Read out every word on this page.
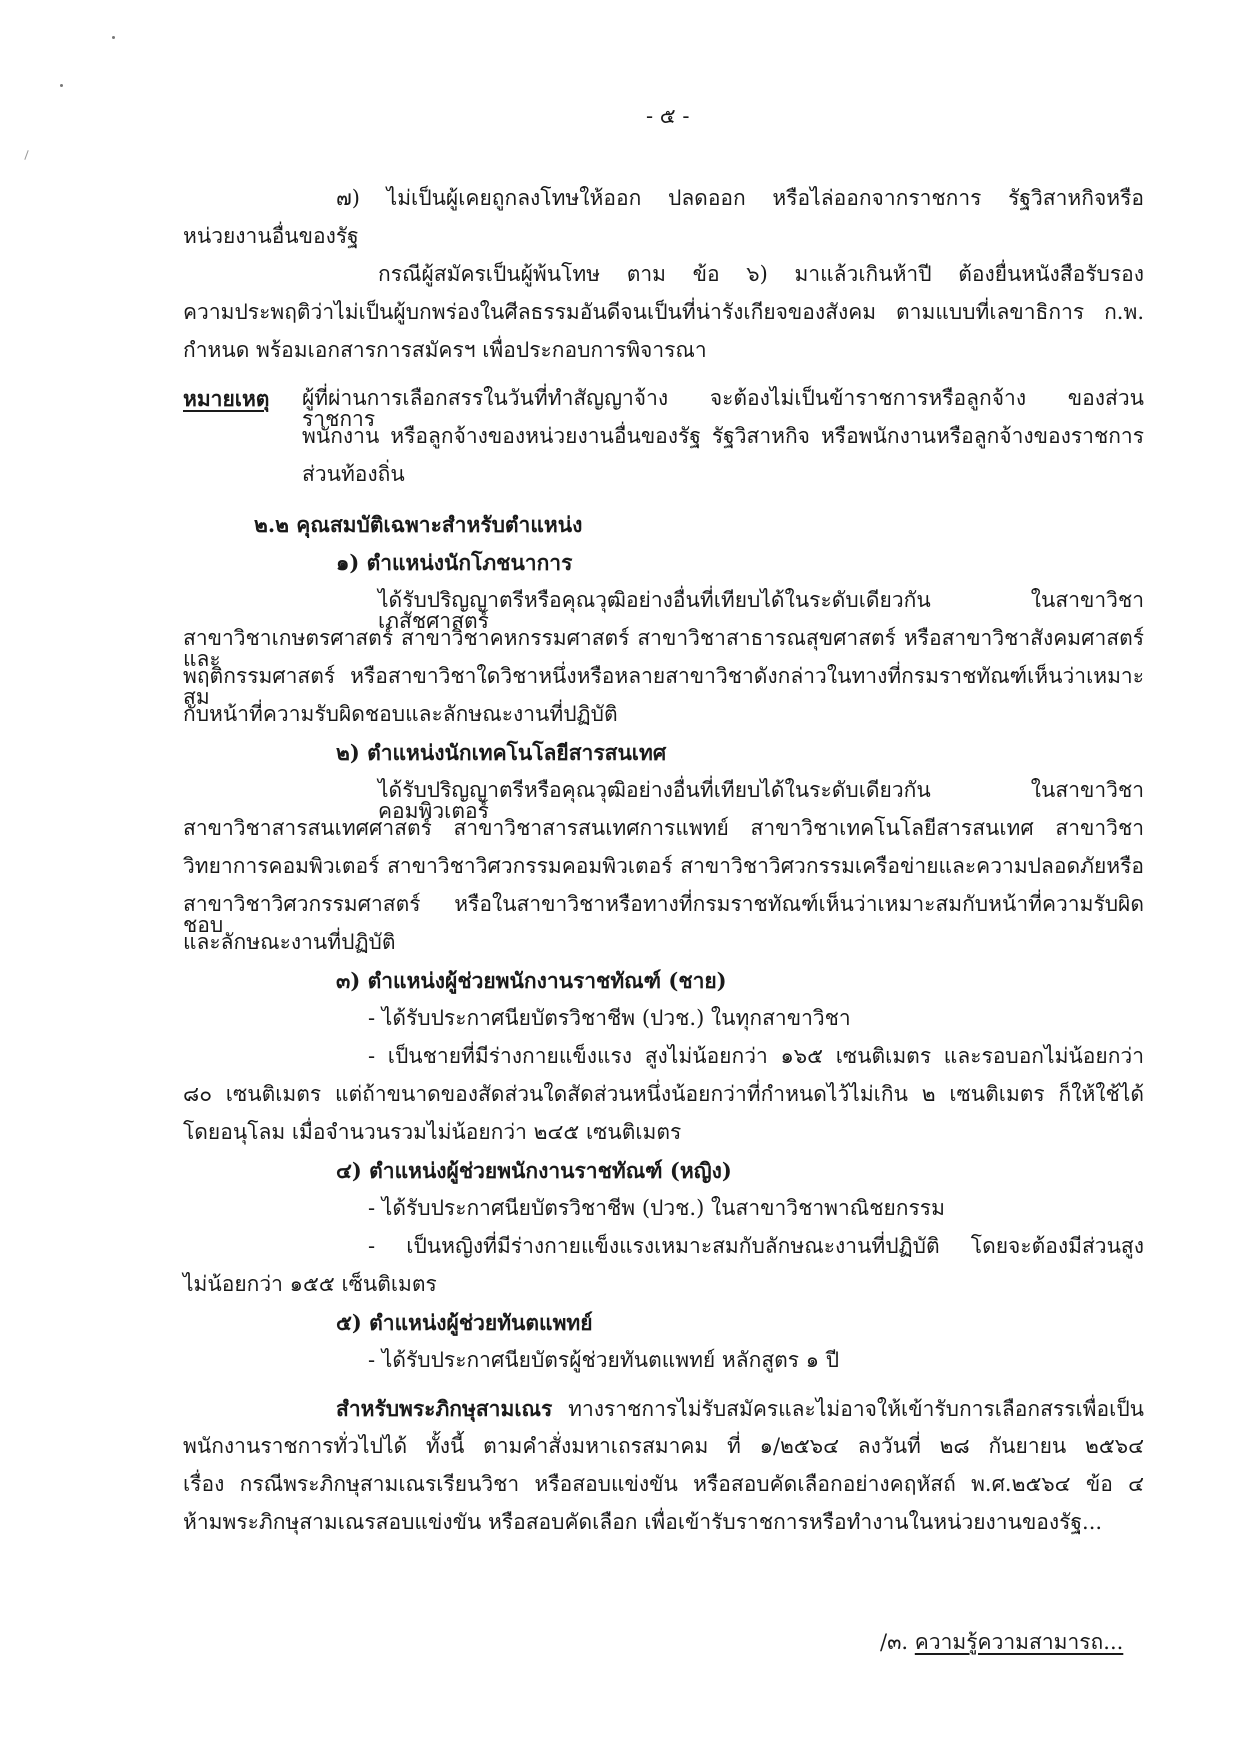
- ๕ -
๗) ไม่เป็นผู้เคยถูกลงโทษให้ออก ปลดออก หรือไล่ออกจากราชการ รัฐวิสาหกิจหรือ
หน่วยงานอื่นของรัฐ
กรณีผู้สมัครเป็นผู้พ้นโทษ ตาม ข้อ ๖) มาแล้วเกินห้าปี ต้องยื่นหนังสือรับรอง
ความประพฤติว่าไม่เป็นผู้บกพร่องในศีลธรรมอันดีจนเป็นที่น่ารังเกียจของสังคม ตามแบบที่เลขาธิการ ก.พ.
กำหนด พร้อมเอกสารการสมัครฯ เพื่อประกอบการพิจารณา
หมายเหตุ ผู้ที่ผ่านการเลือกสรรในวันที่ทำสัญญาจ้าง จะต้องไม่เป็นข้าราชการหรือลูกจ้าง ของส่วนราชการ
พนักงาน หรือลูกจ้างของหน่วยงานอื่นของรัฐ รัฐวิสาหกิจ หรือพนักงานหรือลูกจ้างของราชการ
ส่วนท้องถิ่น
๒.๒ คุณสมบัติเฉพาะสำหรับตำแหน่ง
๑) ตำแหน่งนักโภชนาการ
ได้รับปริญญาตรีหรือคุณวุฒิอย่างอื่นที่เทียบได้ในระดับเดียวกัน ในสาขาวิชาเภสัชศาสตร์
สาขาวิชาเกษตรศาสตร์ สาขาวิชาคหกรรมศาสตร์ สาขาวิชาสาธารณสุขศาสตร์ หรือสาขาวิชาสังคมศาสตร์และ
พฤติกรรมศาสตร์ หรือสาขาวิชาใดวิชาหนึ่งหรือหลายสาขาวิชาดังกล่าวในทางที่กรมราชทัณฑ์เห็นว่าเหมาะสม
กับหน้าที่ความรับผิดชอบและลักษณะงานที่ปฏิบัติ
๒) ตำแหน่งนักเทคโนโลยีสารสนเทศ
ได้รับปริญญาตรีหรือคุณวุฒิอย่างอื่นที่เทียบได้ในระดับเดียวกัน ในสาขาวิชาคอมพิวเตอร์
สาขาวิชาสารสนเทศศาสตร์ สาขาวิชาสารสนเทศการแพทย์ สาขาวิชาเทคโนโลยีสารสนเทศ สาขาวิชา
วิทยาการคอมพิวเตอร์ สาขาวิชาวิศวกรรมคอมพิวเตอร์ สาขาวิชาวิศวกรรมเครือข่ายและความปลอดภัยหรือ
สาขาวิชาวิศวกรรมศาสตร์ หรือในสาขาวิชาหรือทางที่กรมราชทัณฑ์เห็นว่าเหมาะสมกับหน้าที่ความรับผิดชอบ
และลักษณะงานที่ปฏิบัติ
๓) ตำแหน่งผู้ช่วยพนักงานราชทัณฑ์ (ชาย)
- ได้รับประกาศนียบัตรวิชาชีพ (ปวช.) ในทุกสาขาวิชา
- เป็นชายที่มีร่างกายแข็งแรง สูงไม่น้อยกว่า ๑๖๕ เซนติเมตร และรอบอกไม่น้อยกว่า
๘๐ เซนติเมตร แต่ถ้าขนาดของสัดส่วนใดสัดส่วนหนึ่งน้อยกว่าที่กำหนดไว้ไม่เกิน ๒ เซนติเมตร ก็ให้ใช้ได้
โดยอนุโลม เมื่อจำนวนรวมไม่น้อยกว่า ๒๔๕ เซนติเมตร
๔) ตำแหน่งผู้ช่วยพนักงานราชทัณฑ์ (หญิง)
- ได้รับประกาศนียบัตรวิชาชีพ (ปวช.) ในสาขาวิชาพาณิชยกรรม
- เป็นหญิงที่มีร่างกายแข็งแรงเหมาะสมกับลักษณะงานที่ปฏิบัติ โดยจะต้องมีส่วนสูง
ไม่น้อยกว่า ๑๕๕ เซ็นติเมตร
๕) ตำแหน่งผู้ช่วยทันตแพทย์
- ได้รับประกาศนียบัตรผู้ช่วยทันตแพทย์ หลักสูตร ๑ ปี
สำหรับพระภิกษุสามเณร ทางราชการไม่รับสมัครและไม่อาจให้เข้ารับการเลือกสรรเพื่อเป็น
พนักงานราชการทั่วไปได้ ทั้งนี้ ตามคำสั่งมหาเถรสมาคม ที่ ๑/๒๕๖๔ ลงวันที่ ๒๘ กันยายน ๒๕๖๔
เรื่อง กรณีพระภิกษุสามเณรเรียนวิชา หรือสอบแข่งขัน หรือสอบคัดเลือกอย่างคฤหัสถ์ พ.ศ.๒๕๖๔ ข้อ ๔
ห้ามพระภิกษุสามเณรสอบแข่งขัน หรือสอบคัดเลือก เพื่อเข้ารับราชการหรือทำงานในหน่วยงานของรัฐ...
/๓. ความรู้ความสามารถ...
